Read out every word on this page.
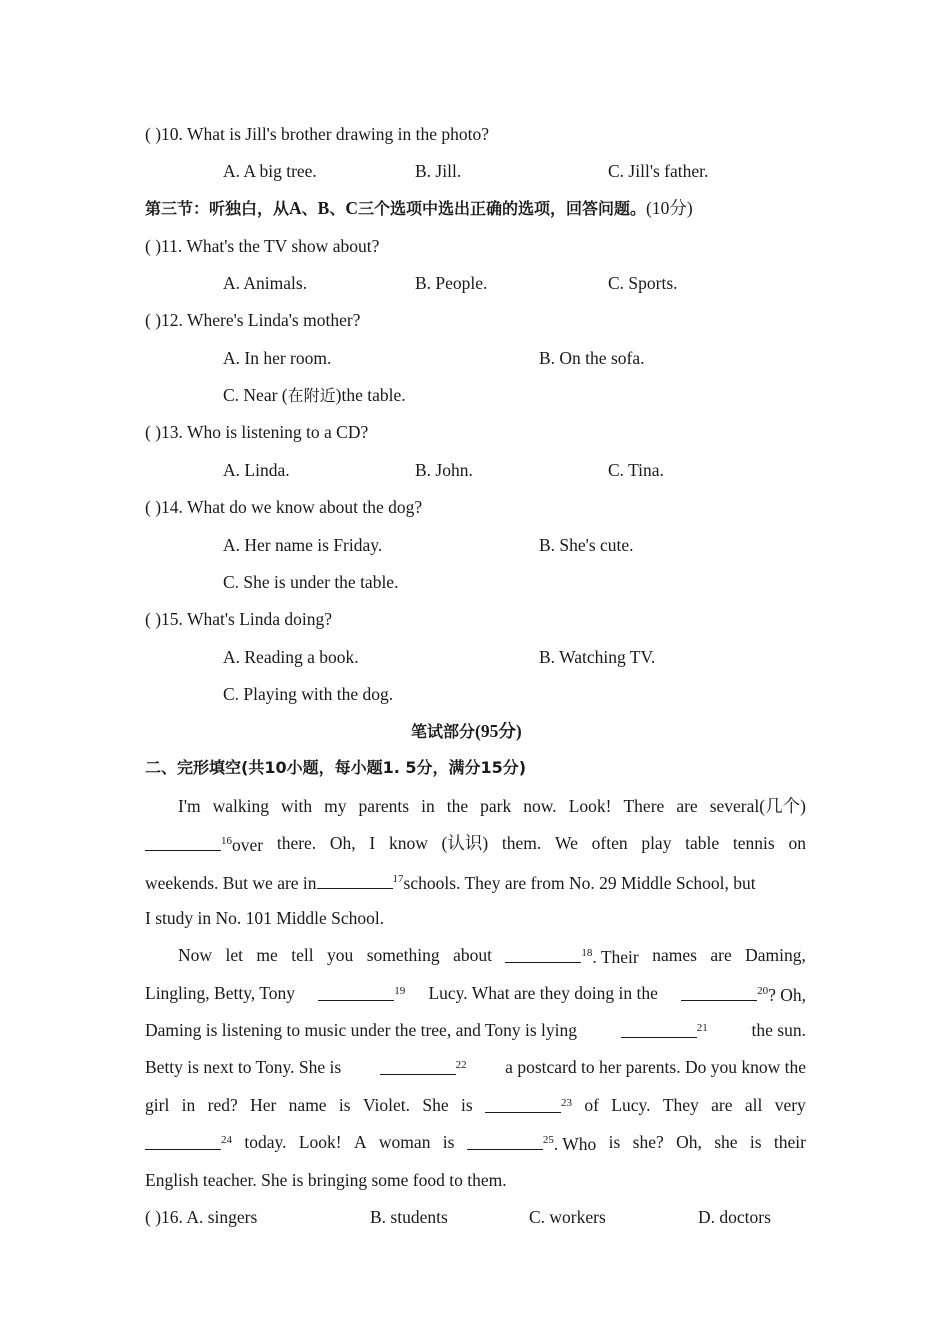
( )10. What is Jill's brother drawing in the photo?
A. A big tree.	B. Jill.	C. Jill's father.
第三节：听独白，从A、B、C三个选项中选出正确的选项，回答问题。(10分)
( )11. What's the TV show about?
A. Animals.	B. People.	C. Sports.
( )12. Where's Linda's mother?
A. In her room.	B. On the sofa.
C. Near (在附近)the table.
( )13. Who is listening to a CD?
A. Linda.	B. John.	C. Tina.
( )14. What do we know about the dog?
A. Her name is Friday.	B. She's cute.
C. She is under the table.
( )15. What's Linda doing?
A. Reading a book.	B. Watching TV.
C. Playing with the dog.
笔试部分(95分)
二、完形填空(共10小题，每小题1. 5分，满分15分)
I'm walking with my parents in the park now. Look! There are several(几个)
$^{16}$over there. Oh, I know (认识) them. We often play table tennis on
weekends. But we are in	$^{17}$schools. They are from No. 29 Middle School, but
I study in No. 101 Middle School.
Now let me tell you something about	$^{18}$. Their names are Daming,
Lingling, Betty, Tony	$^{19}$ Lucy. What are they doing in the	$^{20}$? Oh,
Daming is listening to music under the tree, and Tony is lying	$^{21}$	the sun.
Betty is next to Tony. She is	$^{22}$ a postcard to her parents. Do you know the
girl in red? Her name is Violet. She is	$^{23}$ of Lucy. They are all very
$^{24}$ today. Look! A woman is	$^{25}$. Who is she? Oh, she is their
English teacher. She is bringing some food to them.
( )16. A. singers	B. students	C. workers	D. doctors
